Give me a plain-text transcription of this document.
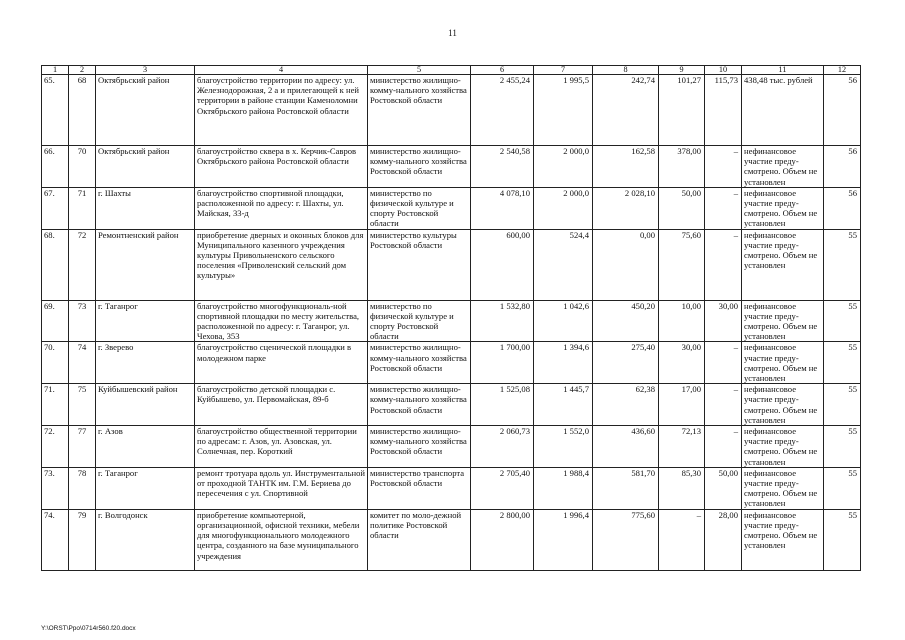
11
1	2	3	4	5	6	7	8	9	10	11	12
65.	68	Октябрьский район	благоустройство территории по адресу: ул. Железнодорожная, 2 а и прилегающей к ней территории в районе станции Каменоломни Октябрьского района Ростовской области	министерство жилищно-комму-нального хозяйства Ростовской области	2 455,24	1 995,5	242,74	101,27	115,73	438,48 тыс. рублей	56
66.	70	Октябрьский район	благоустройство сквера в х. Керчик-Савров Октябрьского района Ростовской области	министерство жилищно-комму-нального хозяйства Ростовской области	2 540,58	2 000,0	162,58	378,00	–	нефинансовое участие преду-смотрено. Объем не установлен	56
67.	71	г. Шахты	благоустройство спортивной площадки, расположенной по адресу: г. Шахты, ул. Майская, 33-д	министерство по физической культуре и спорту Ростовской области	4 078,10	2 000,0	2 028,10	50,00	–	нефинансовое участие преду-смотрено. Объем не установлен	56
68.	72	Ремонтненский район	приобретение дверных и оконных блоков для Муниципального казенного учреждения культуры Привольненского сельского поселения «Приволенский сельский дом культуры»	министерство культуры Ростовской области	600,00	524,4	0,00	75,60	–	нефинансовое участие преду-смотрено. Объем не установлен	55
69.	73	г. Таганрог	благоустройство многофункциональ-ной спортивной площадки по месту жительства, расположенной по адресу: г. Таганрог, ул. Чехова, 353	министерство по физической культуре и спорту Ростовской области	1 532,80	1 042,6	450,20	10,00	30,00	нефинансовое участие преду-смотрено. Объем не установлен	55
70.	74	г. Зверево	благоустройство сценической площадки в молодежном парке	министерство жилищно-комму-нального хозяйства Ростовской области	1 700,00	1 394,6	275,40	30,00	–	нефинансовое участие преду-смотрено. Объем не установлен	55
71.	75	Куйбышевский район	благоустройство детской площадки с. Куйбышево, ул. Первомайская, 89-б	министерство жилищно-комму-нального хозяйства Ростовской области	1 525,08	1 445,7	62,38	17,00	–	нефинансовое участие преду-смотрено. Объем не установлен	55
72.	77	г. Азов	благоустройство общественной территории по адресам: г. Азов, ул. Азовская, ул. Солнечная, пер. Короткий	министерство жилищно-комму-нального хозяйства Ростовской области	2 060,73	1 552,0	436,60	72,13	–	нефинансовое участие преду-смотрено. Объем не установлен	55
73.	78	г. Таганрог	ремонт тротуара вдоль ул. Инструментальной от проходной ТАНТК им. Г.М. Бериева до пересечения с ул. Спортивной	министерство транспорта Ростовской области	2 705,40	1 988,4	581,70	85,30	50,00	нефинансовое участие преду-смотрено. Объем не установлен	55
74.	79	г. Волгодонск	приобретение компьютерной, организационной, офисной техники, мебели для многофункционального молодежного центра, созданного на базе муниципального учреждения	комитет по моло-дежной политике Ростовской области	2 800,00	1 996,4	775,60	–	28,00	нефинансовое участие преду-смотрено. Объем не установлен	55
Y:\ORST\Ppo\0714r560.f20.docx
